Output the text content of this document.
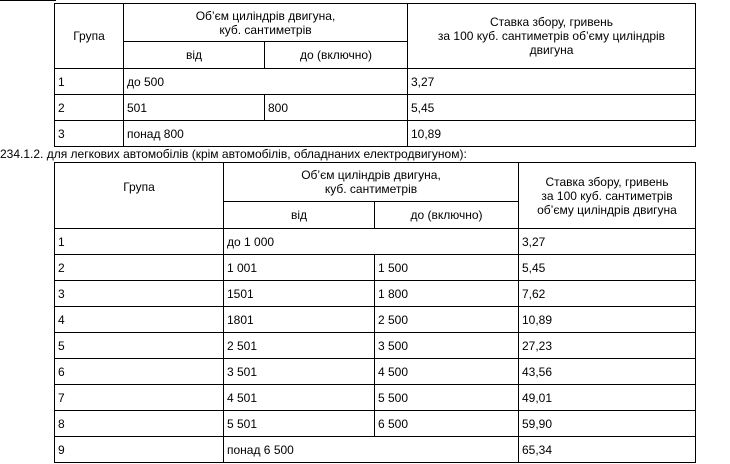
Група	Об’єм циліндрів двигуна,
куб. сантиметрів		Ставка збору, гривень
за 100 куб. сантиметрів об’єму циліндрів
двигуна
	від	до (включно)	
1	до 500		3,27
2	501	800	5,45
3	понад 800		10,89
234.1.2. для легкових автомобілів (крім автомобілів, обладнаних електродвигуном):
Група	Об’єм циліндрів двигуна,
куб. сантиметрів		Ставка збору, гривень
за 100 куб. сантиметрів
об’єму циліндрів двигуна
	від	до (включно)	
1	до 1 000		3,27
2	1 001	1 500	5,45
3	1501	1 800	7,62
4	1801	2 500	10,89
5	2 501	3 500	27,23
6	3 501	4 500	43,56
7	4 501	5 500	49,01
8	5 501	6 500	59,90
9	понад 6 500		65,34
